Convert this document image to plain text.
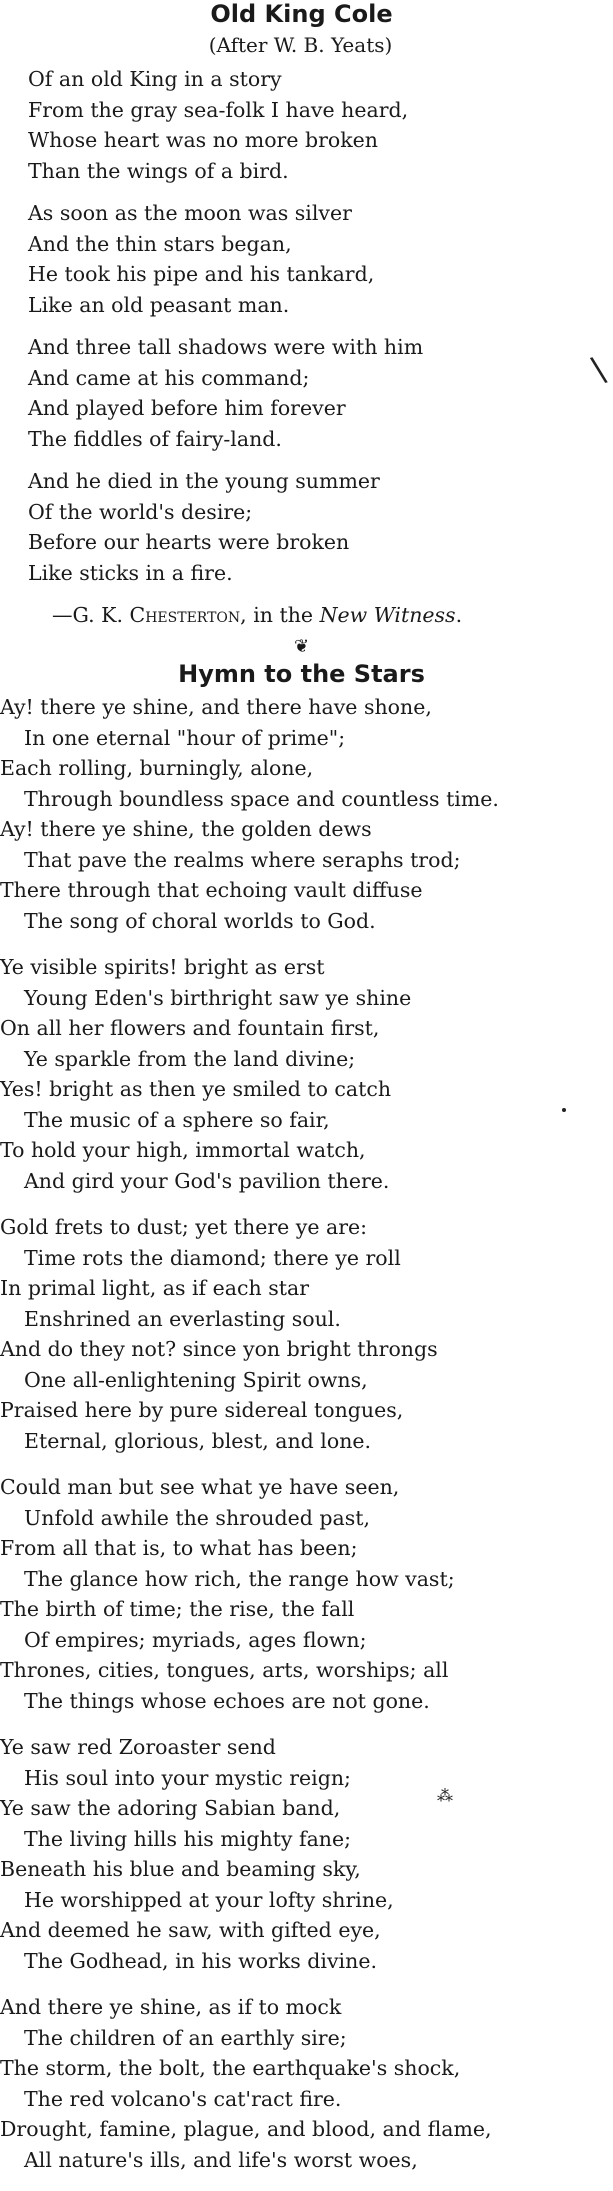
Old King Cole
(After W. B. Yeats)
Of an old King in a story
From the gray sea-folk I have heard,
Whose heart was no more broken
Than the wings of a bird.
As soon as the moon was silver
And the thin stars began,
He took his pipe and his tankard,
Like an old peasant man.
And three tall shadows were with him
And came at his command;
And played before him forever
The fiddles of fairy-land.
And he died in the young summer
Of the world's desire;
Before our hearts were broken
Like sticks in a fire.
—G. K. Chesterton, in the New Witness.
❦
Hymn to the Stars
Ay! there ye shine, and there have shone,
In one eternal "hour of prime";
Each rolling, burningly, alone,
Through boundless space and countless time.
Ay! there ye shine, the golden dews
That pave the realms where seraphs trod;
There through that echoing vault diffuse
The song of choral worlds to God.
Ye visible spirits! bright as erst
Young Eden's birthright saw ye shine
On all her flowers and fountain first,
Ye sparkle from the land divine;
Yes! bright as then ye smiled to catch
The music of a sphere so fair,
To hold your high, immortal watch,
And gird your God's pavilion there.
Gold frets to dust; yet there ye are:
Time rots the diamond; there ye roll
In primal light, as if each star
Enshrined an everlasting soul.
And do they not? since yon bright throngs
One all-enlightening Spirit owns,
Praised here by pure sidereal tongues,
Eternal, glorious, blest, and lone.
Could man but see what ye have seen,
Unfold awhile the shrouded past,
From all that is, to what has been;
The glance how rich, the range how vast;
The birth of time; the rise, the fall
Of empires; myriads, ages flown;
Thrones, cities, tongues, arts, worships; all
The things whose echoes are not gone.
Ye saw red Zoroaster send
His soul into your mystic reign;
Ye saw the adoring Sabian band,
The living hills his mighty fane;
Beneath his blue and beaming sky,
He worshipped at your lofty shrine,
And deemed he saw, with gifted eye,
The Godhead, in his works divine.
And there ye shine, as if to mock
The children of an earthly sire;
The storm, the bolt, the earthquake's shock,
The red volcano's cat'ract fire.
Drought, famine, plague, and blood, and flame,
All nature's ills, and life's worst woes,
\
⁂
